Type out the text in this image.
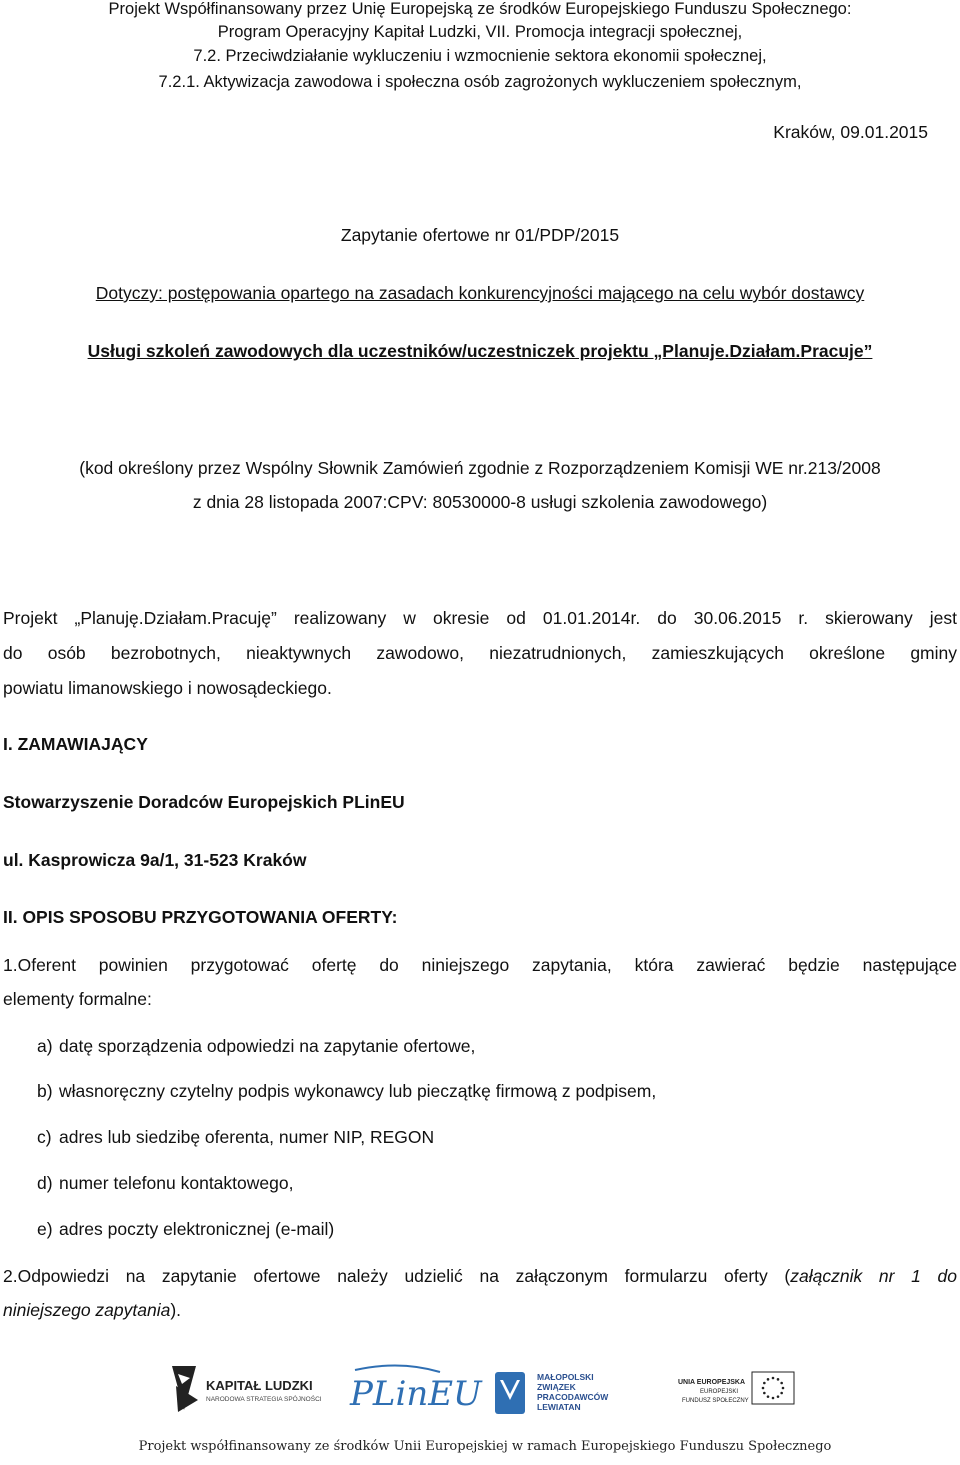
Projekt Współfinansowany przez Unię Europejską ze środków Europejskiego Funduszu Społecznego:
Program Operacyjny Kapitał Ludzki, VII. Promocja integracji społecznej,
7.2. Przeciwdziałanie wykluczeniu i wzmocnienie sektora ekonomii społecznej,
7.2.1. Aktywizacja zawodowa i społeczna osób zagrożonych wykluczeniem społecznym,
Kraków, 09.01.2015
Zapytanie ofertowe nr 01/PDP/2015
Dotyczy: postępowania opartego na zasadach konkurencyjności mającego na celu wybór dostawcy
Usługi szkoleń zawodowych dla uczestników/uczestniczek projektu „Planuje.Działam.Pracuje”
(kod określony przez Wspólny Słownik Zamówień zgodnie z Rozporządzeniem Komisji WE nr.213/2008
z dnia 28 listopada 2007:CPV: 80530000-8 usługi szkolenia zawodowego)
Projekt „Planuję.Działam.Pracuję” realizowany w okresie od 01.01.2014r. do 30.06.2015 r. skierowany jest
do osób bezrobotnych, nieaktywnych zawodowo, niezatrudnionych, zamieszkujących określone gminy
powiatu limanowskiego i nowosądeckiego.
I. ZAMAWIAJĄCY
Stowarzyszenie Doradców Europejskich PLinEU
ul. Kasprowicza 9a/1, 31-523 Kraków
II. OPIS SPOSOBU PRZYGOTOWANIA OFERTY:
1.Oferent powinien przygotować ofertę do niniejszego zapytania, która zawierać będzie następujące
elementy formalne:
a) datę sporządzenia odpowiedzi na zapytanie ofertowe,
b) własnoręczny czytelny podpis wykonawcy lub pieczątkę firmową z podpisem,
c) adres lub siedzibę oferenta, numer NIP, REGON
d) numer telefonu kontaktowego,
e) adres poczty elektronicznej (e-mail)
2.Odpowiedzi na zapytanie ofertowe należy udzielić na załączonym formularzu oferty (załącznik nr 1 do
niniejszego zapytania).
KAPITAŁ LUDZKI
NARODOWA STRATEGIA SPÓJNOŚCI PLinEU	MAŁOPOLSKI
ZWIĄZEK
PRACODAWCÓW
LEWIATAN
UNIA EUROPEJSKA
EUROPEJSKI
FUNDUSZ SPOŁECZNY
Projekt współfinansowany ze środków Unii Europejskiej w ramach Europejskiego Funduszu Społecznego
